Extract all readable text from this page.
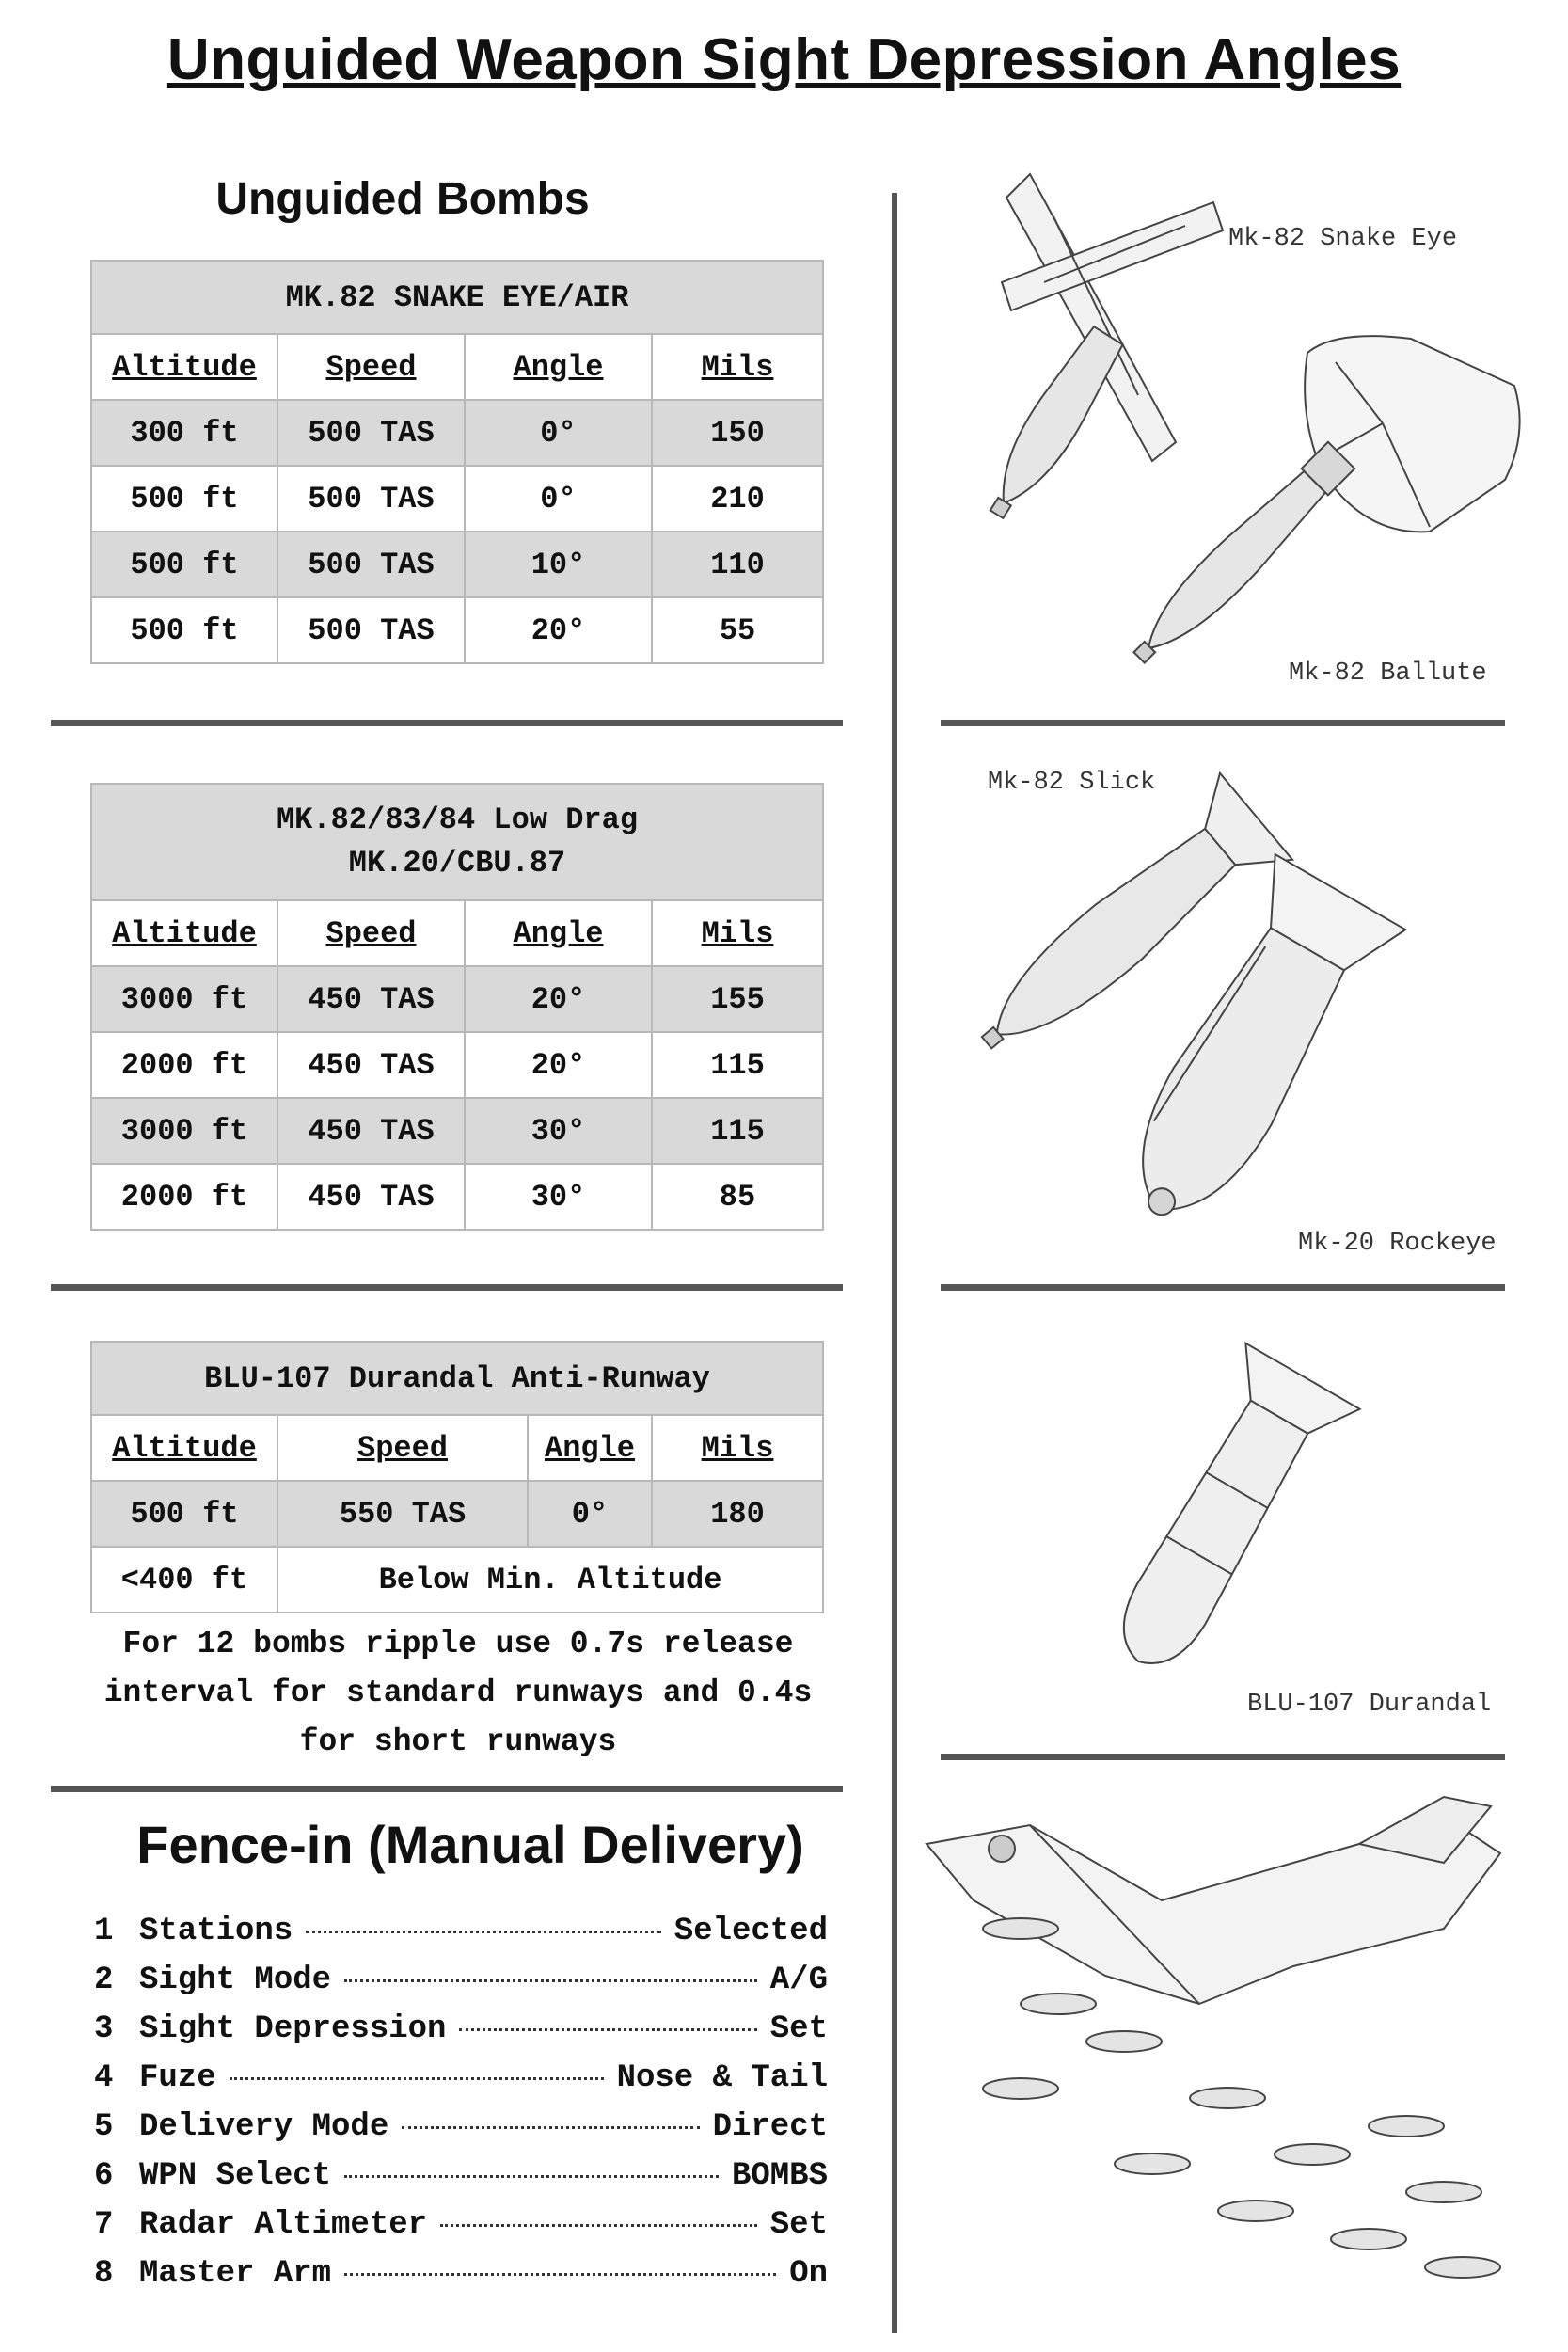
Unguided Weapon Sight Depression Angles
Unguided Bombs
MK.82 SNAKE EYE/AIR			
Altitude	Speed	Angle	Mils
300 ft	500 TAS	0°	150
500 ft	500 TAS	0°	210
500 ft	500 TAS	10°	110
500 ft	500 TAS	20°	55
MK.82/83/84 Low Drag
MK.20/CBU.87			

Altitude	Speed	Angle	Mils
3000 ft	450 TAS	20°	155
2000 ft	450 TAS	20°	115
3000 ft	450 TAS	30°	115
2000 ft	450 TAS	30°	85
BLU-107 Durandal Anti-Runway			
Altitude	Speed	Angle	Mils
500 ft	550 TAS	0°	180
<400 ft	Below Min. Altitude		
For 12 bombs ripple use 0.7s release interval for standard runways and 0.4s for short runways
Fence-in (Manual Delivery)
1 Stations	Selected
2 Sight Mode	A/G
3 Sight Depression	Set
4 Fuze	Nose & Tail
5 Delivery Mode	Direct
6 WPN Select	BOMBS
7 Radar Altimeter	Set
8 Master Arm	On
Mk-82 Snake Eye
Mk-82 Ballute
Mk-82 Slick
Mk-20 Rockeye
BLU-107 Durandal
